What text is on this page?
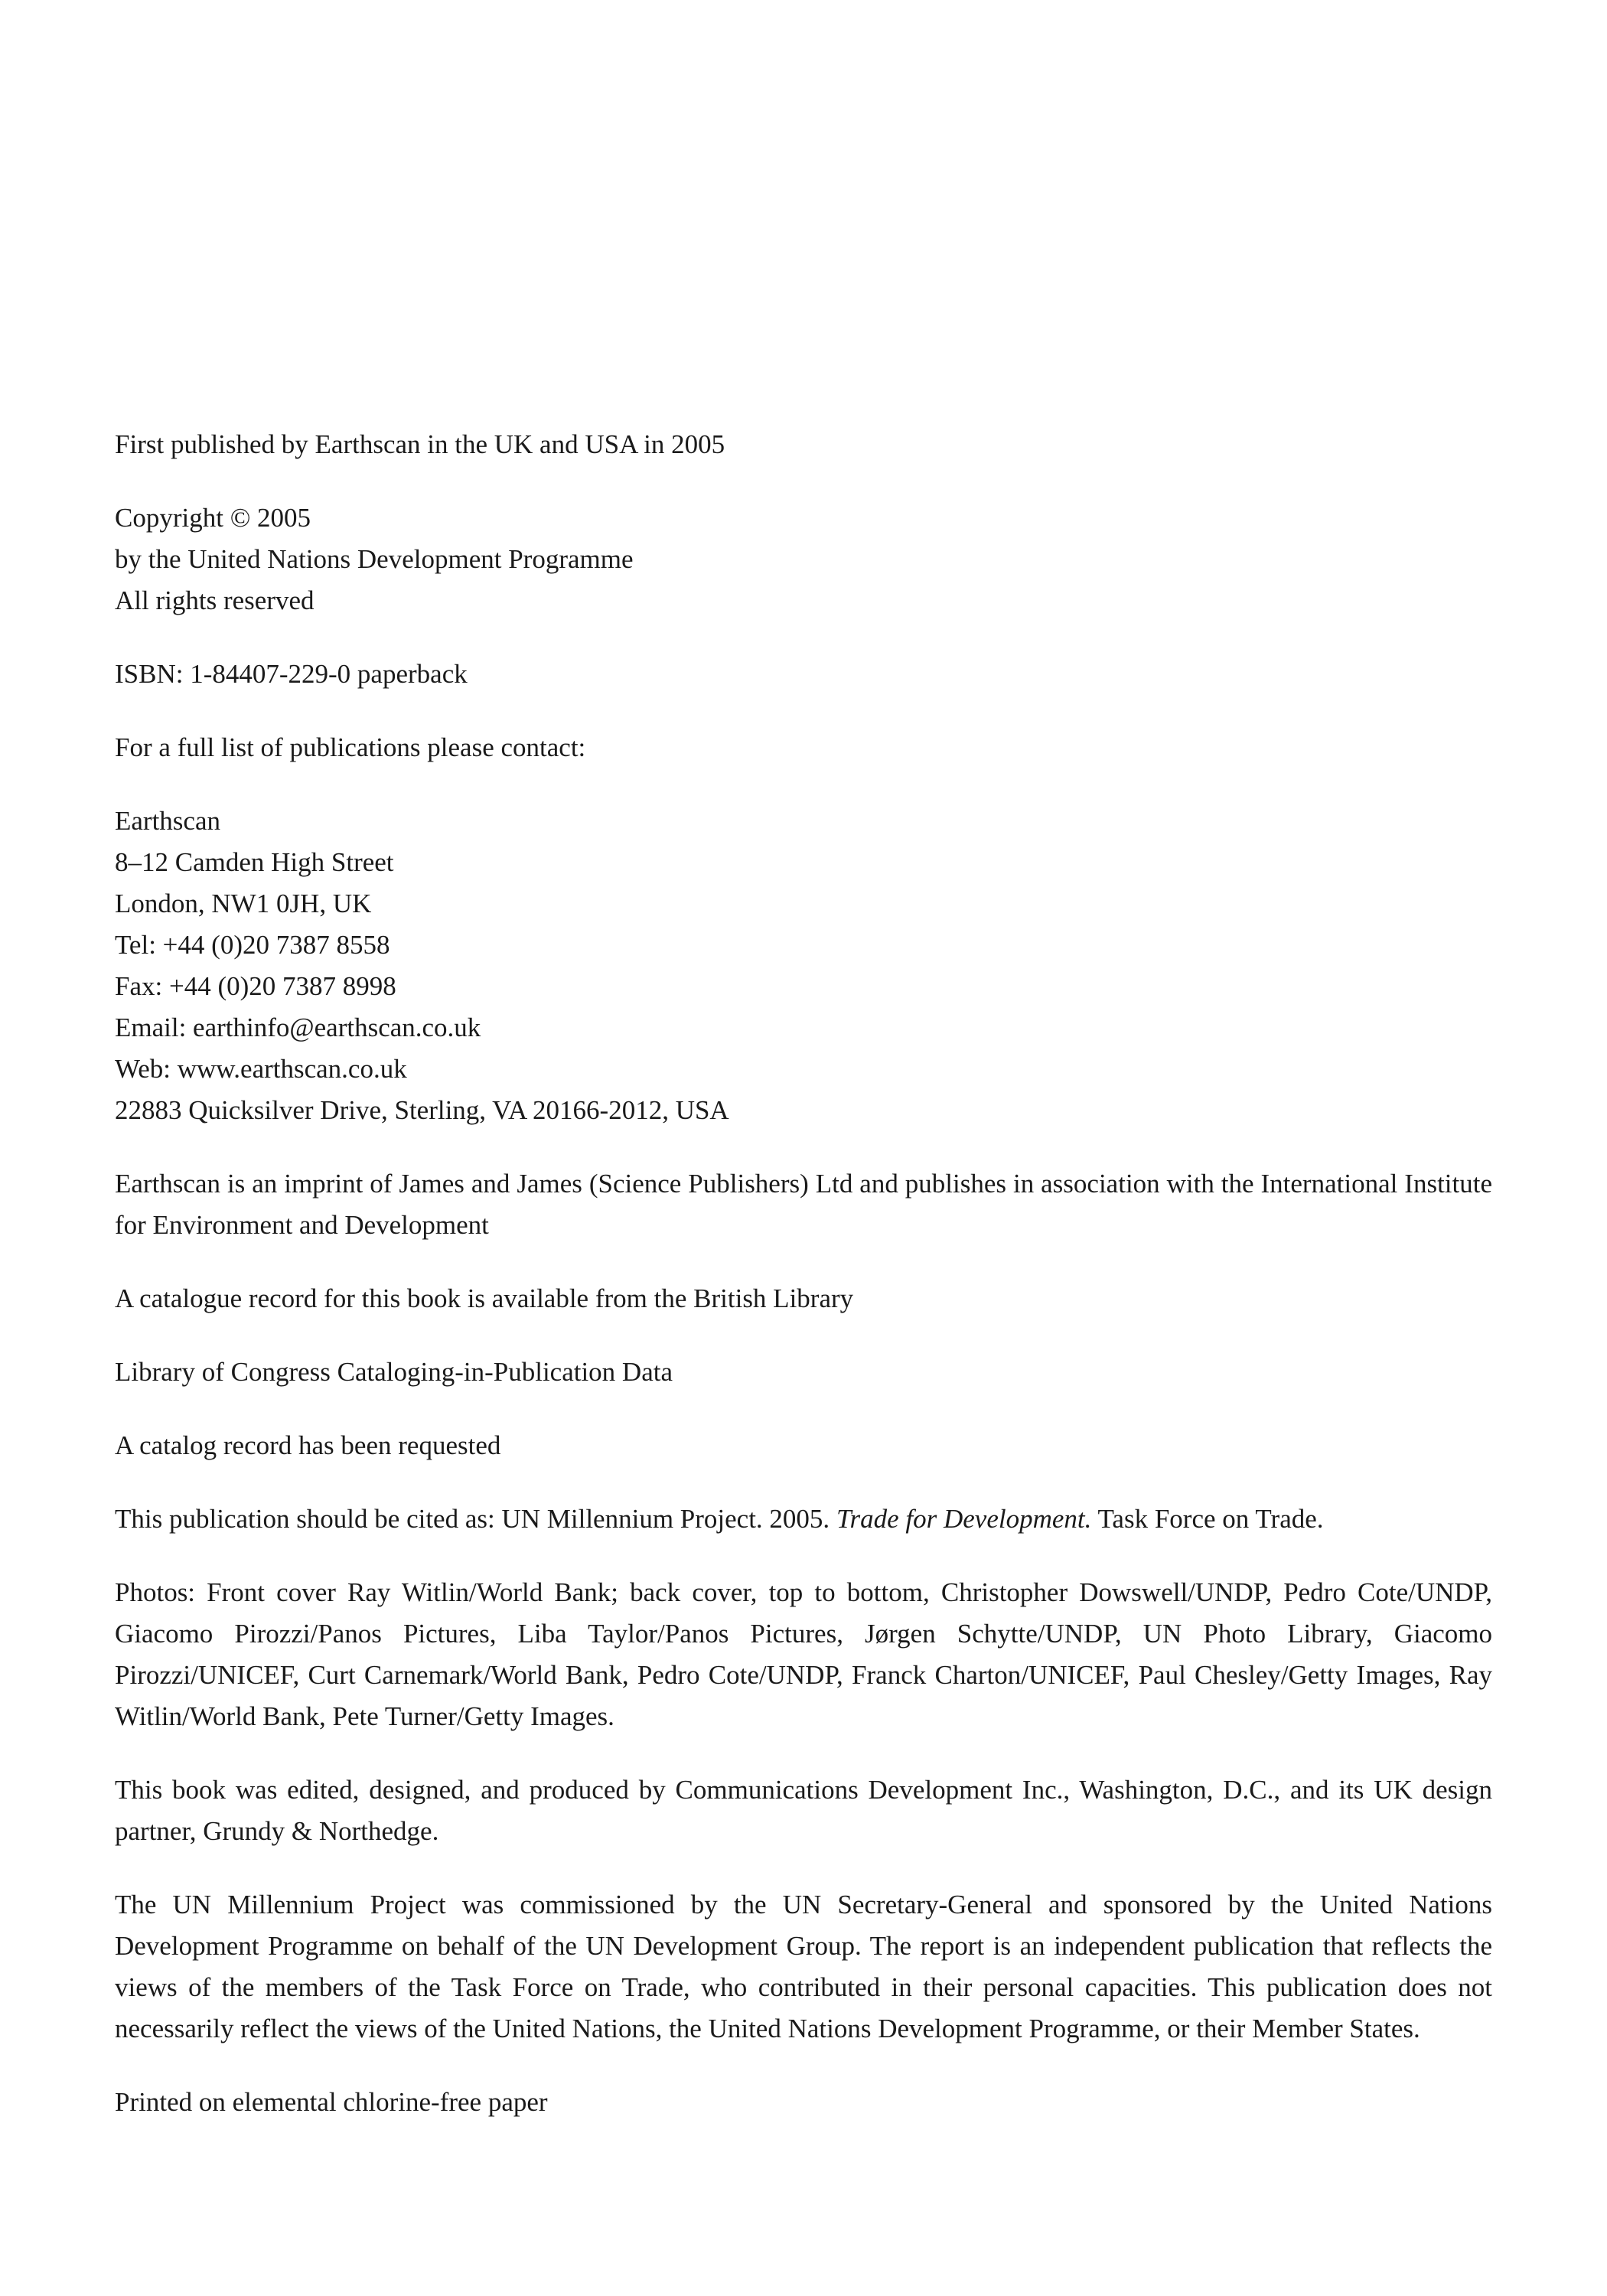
First published by Earthscan in the UK and USA in 2005

Copyright © 2005
by the United Nations Development Programme
All rights reserved

ISBN: 1-84407-229-0 paperback

For a full list of publications please contact:

Earthscan
8–12 Camden High Street
London, NW1 0JH, UK
Tel: +44 (0)20 7387 8558
Fax: +44 (0)20 7387 8998
Email: earthinfo@earthscan.co.uk
Web: www.earthscan.co.uk
22883 Quicksilver Drive, Sterling, VA 20166-2012, USA

Earthscan is an imprint of James and James (Science Publishers) Ltd and publishes in association with the International Institute for Environment and Development

A catalogue record for this book is available from the British Library

Library of Congress Cataloging-in-Publication Data

A catalog record has been requested

This publication should be cited as: UN Millennium Project. 2005. Trade for Development. Task Force on Trade.

Photos: Front cover Ray Witlin/World Bank; back cover, top to bottom, Christopher Dowswell/UNDP, Pedro Cote/UNDP, Giacomo Pirozzi/Panos Pictures, Liba Taylor/Panos Pictures, Jørgen Schytte/UNDP, UN Photo Library, Giacomo Pirozzi/UNICEF, Curt Carnemark/World Bank, Pedro Cote/UNDP, Franck Charton/UNICEF, Paul Chesley/Getty Images, Ray Witlin/World Bank, Pete Turner/Getty Images.

This book was edited, designed, and produced by Communications Development Inc., Washington, D.C., and its UK design partner, Grundy & Northedge.

The UN Millennium Project was commissioned by the UN Secretary-General and sponsored by the United Nations Development Programme on behalf of the UN Development Group. The report is an independent publication that reflects the views of the members of the Task Force on Trade, who contributed in their personal capacities. This publication does not necessarily reflect the views of the United Nations, the United Nations Development Programme, or their Member States.

Printed on elemental chlorine-free paper
